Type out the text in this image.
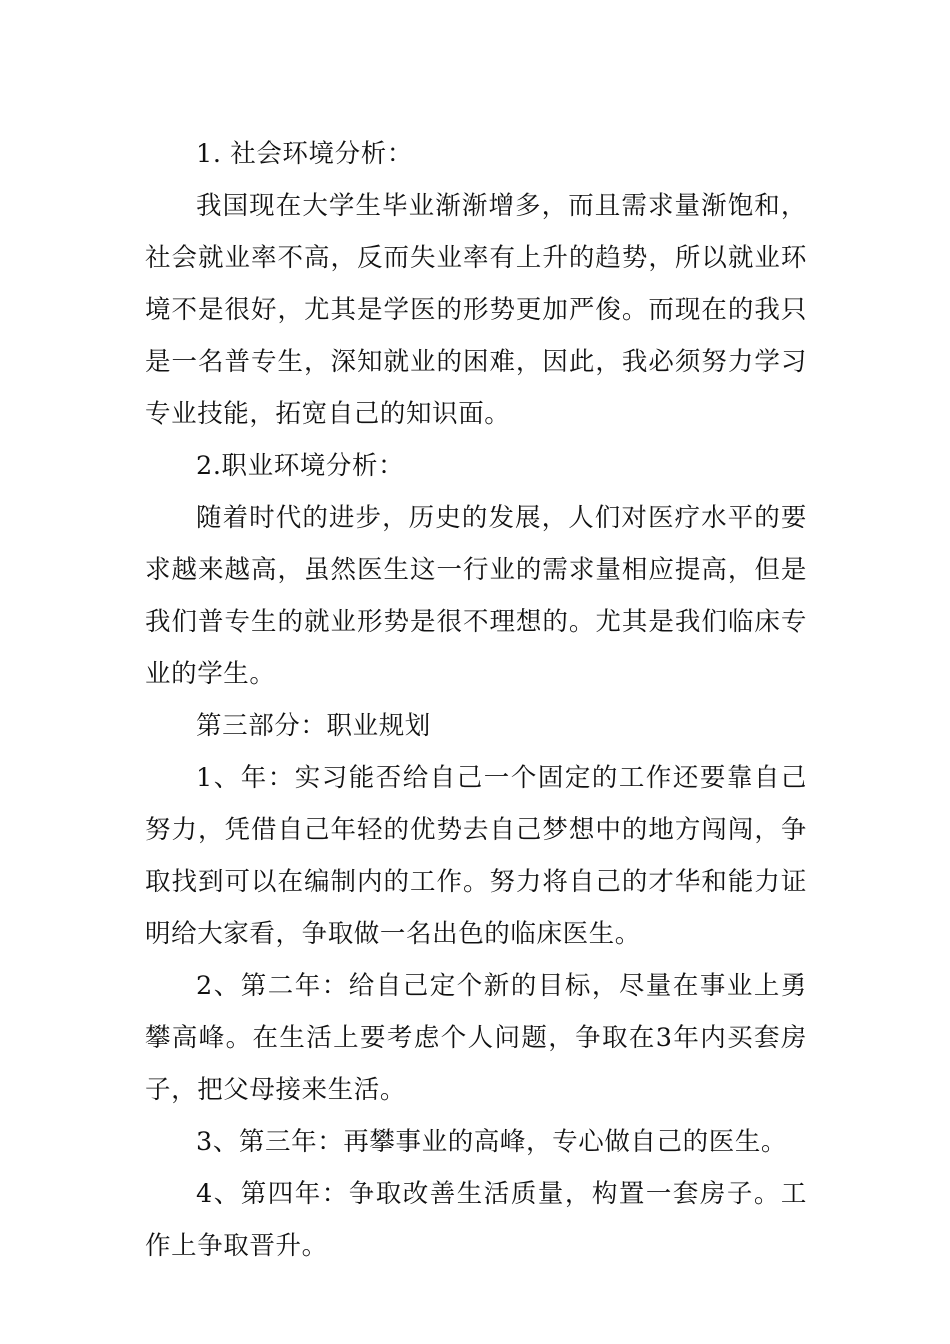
1. 社会环境分析：

我国现在大学生毕业渐渐增多，而且需求量渐饱和，社会就业率不高，反而失业率有上升的趋势，所以就业环境不是很好，尤其是学医的形势更加严俊。而现在的我只是一名普专生，深知就业的困难，因此，我必须努力学习专业技能，拓宽自己的知识面。

2.职业环境分析：

随着时代的进步，历史的发展，人们对医疗水平的要求越来越高，虽然医生这一行业的需求量相应提高，但是我们普专生的就业形势是很不理想的。尤其是我们临床专业的学生。

第三部分：职业规划

1、年：实习能否给自己一个固定的工作还要靠自己努力，凭借自己年轻的优势去自己梦想中的地方闯闯，争取找到可以在编制内的工作。努力将自己的才华和能力证明给大家看，争取做一名出色的临床医生。

2、第二年：给自己定个新的目标，尽量在事业上勇攀高峰。在生活上要考虑个人问题，争取在3年内买套房子，把父母接来生活。

3、第三年：再攀事业的高峰，专心做自己的医生。

4、第四年：争取改善生活质量，构置一套房子。工作上争取晋升。
